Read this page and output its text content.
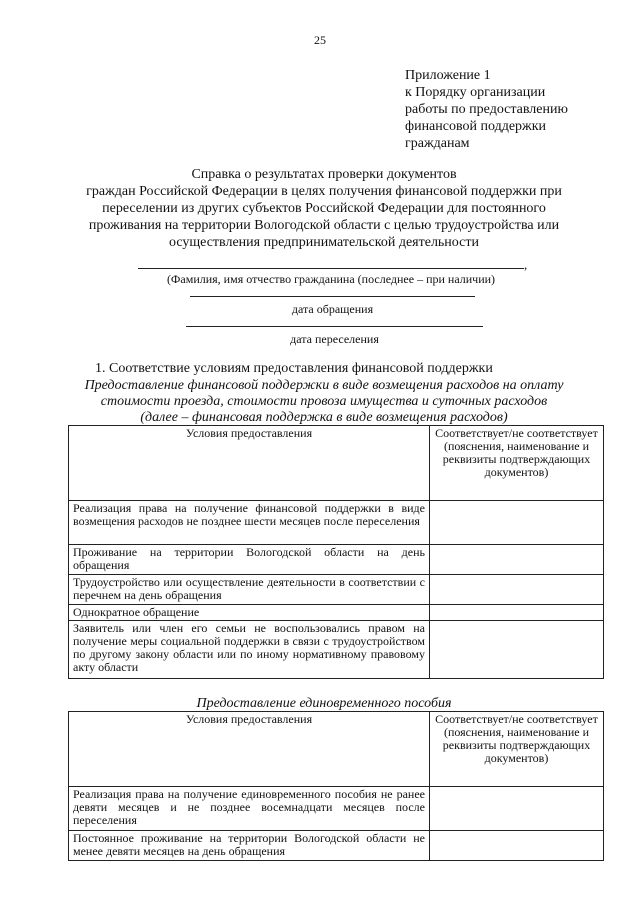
25
Приложение 1
к Порядку организации
работы по предоставлению
финансовой поддержки
гражданам
Справка о результатах проверки документов
граждан Российской Федерации в целях получения финансовой поддержки при
переселении из других субъектов Российской Федерации для постоянного
проживания на территории Вологодской области с целью трудоустройства или
осуществления предпринимательской деятельности
,
(Фамилия, имя отчество гражданина (последнее – при наличии)
дата обращения
дата переселения
1. Соответствие условиям предоставления финансовой поддержки
Предоставление финансовой поддержки в виде возмещения расходов на оплату
стоимости проезда, стоимости провоза имущества и суточных расходов
(далее – финансовая поддержка в виде возмещения расходов)
Условия предоставления	Соответствует/не соответствует (пояснения, наименование и реквизиты подтверждающих документов)
Реализация права на получение финансовой поддержки в виде возмещения расходов не позднее шести месяцев после переселения	
Проживание на территории Вологодской области на день обращения	
Трудоустройство или осуществление деятельности в соответствии с перечнем на день обращения	
Однократное обращение	
Заявитель или член его семьи не воспользовались правом на получение меры социальной поддержки в связи с трудоустройством по другому закону области или по иному нормативному правовому акту области	
Предоставление единовременного пособия
Условия предоставления	Соответствует/не соответствует (пояснения, наименование и реквизиты подтверждающих документов)
Реализация права на получение единовременного пособия не ранее девяти месяцев и не позднее восемнадцати месяцев после переселения	
Постоянное проживание на территории Вологодской области не менее девяти месяцев на день обращения	
